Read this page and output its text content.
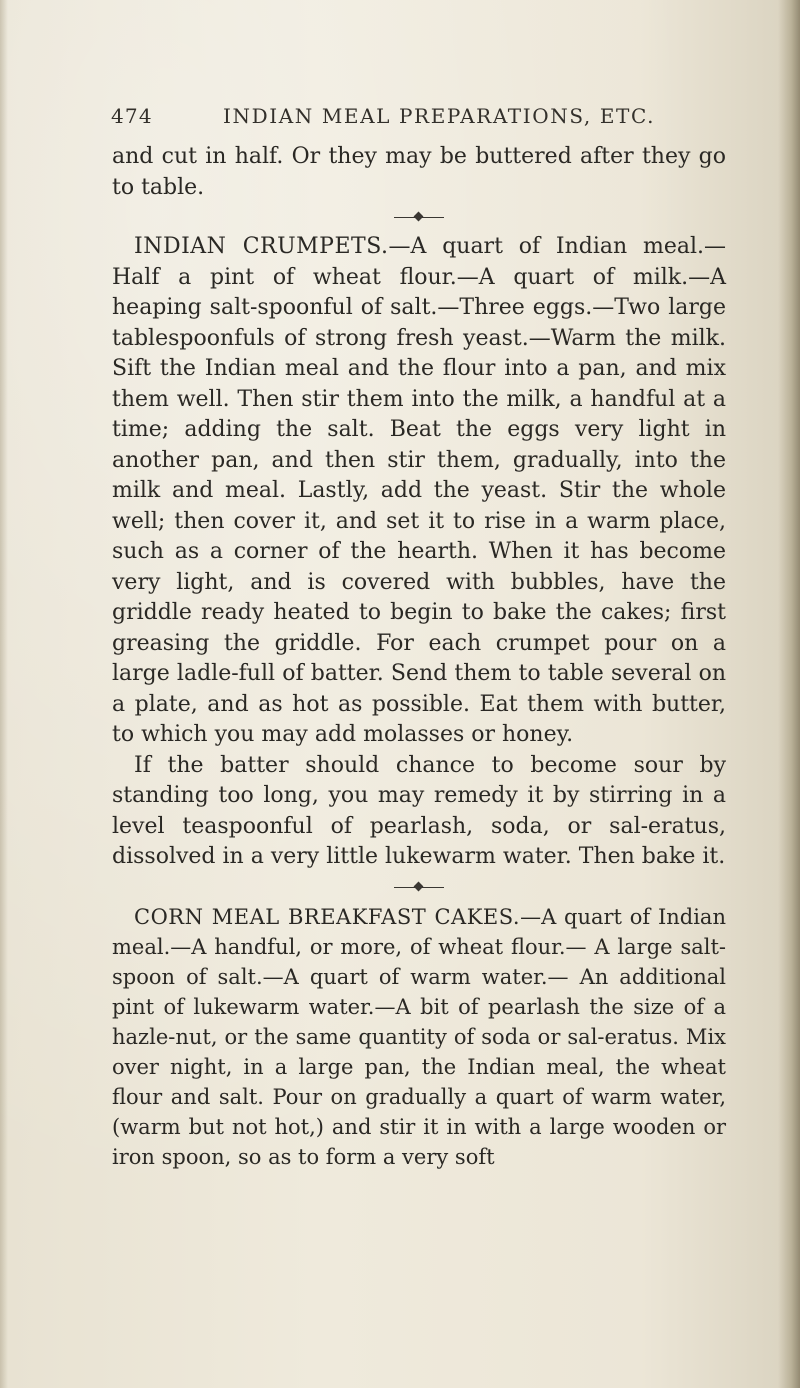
474	INDIAN MEAL PREPARATIONS, ETC.

and cut in half. Or they may be buttered after they go to table.

INDIAN CRUMPETS.—A quart of Indian meal.— Half a pint of wheat flour.—A quart of milk.—A heaping salt-spoonful of salt.—Three eggs.—Two large tablespoonfuls of strong fresh yeast.—Warm the milk. Sift the Indian meal and the flour into a pan, and mix them well. Then stir them into the milk, a handful at a time; adding the salt. Beat the eggs very light in another pan, and then stir them, gradually, into the milk and meal. Lastly, add the yeast. Stir the whole well; then cover it, and set it to rise in a warm place, such as a corner of the hearth. When it has become very light, and is covered with bubbles, have the griddle ready heated to begin to bake the cakes; first greasing the griddle. For each crumpet pour on a large ladle-full of batter. Send them to table several on a plate, and as hot as possible. Eat them with butter, to which you may add molasses or honey.

If the batter should chance to become sour by standing too long, you may remedy it by stirring in a level teaspoonful of pearlash, soda, or sal-eratus, dissolved in a very little lukewarm water. Then bake it.

CORN MEAL BREAKFAST CAKES.—A quart of Indian meal.—A handful, or more, of wheat flour.— A large salt-spoon of salt.—A quart of warm water.— An additional pint of lukewarm water.—A bit of pearlash the size of a hazle-nut, or the same quantity of soda or sal-eratus. Mix over night, in a large pan, the Indian meal, the wheat flour and salt. Pour on gradually a quart of warm water, (warm but not hot,) and stir it in with a large wooden or iron spoon, so as to form a very soft
